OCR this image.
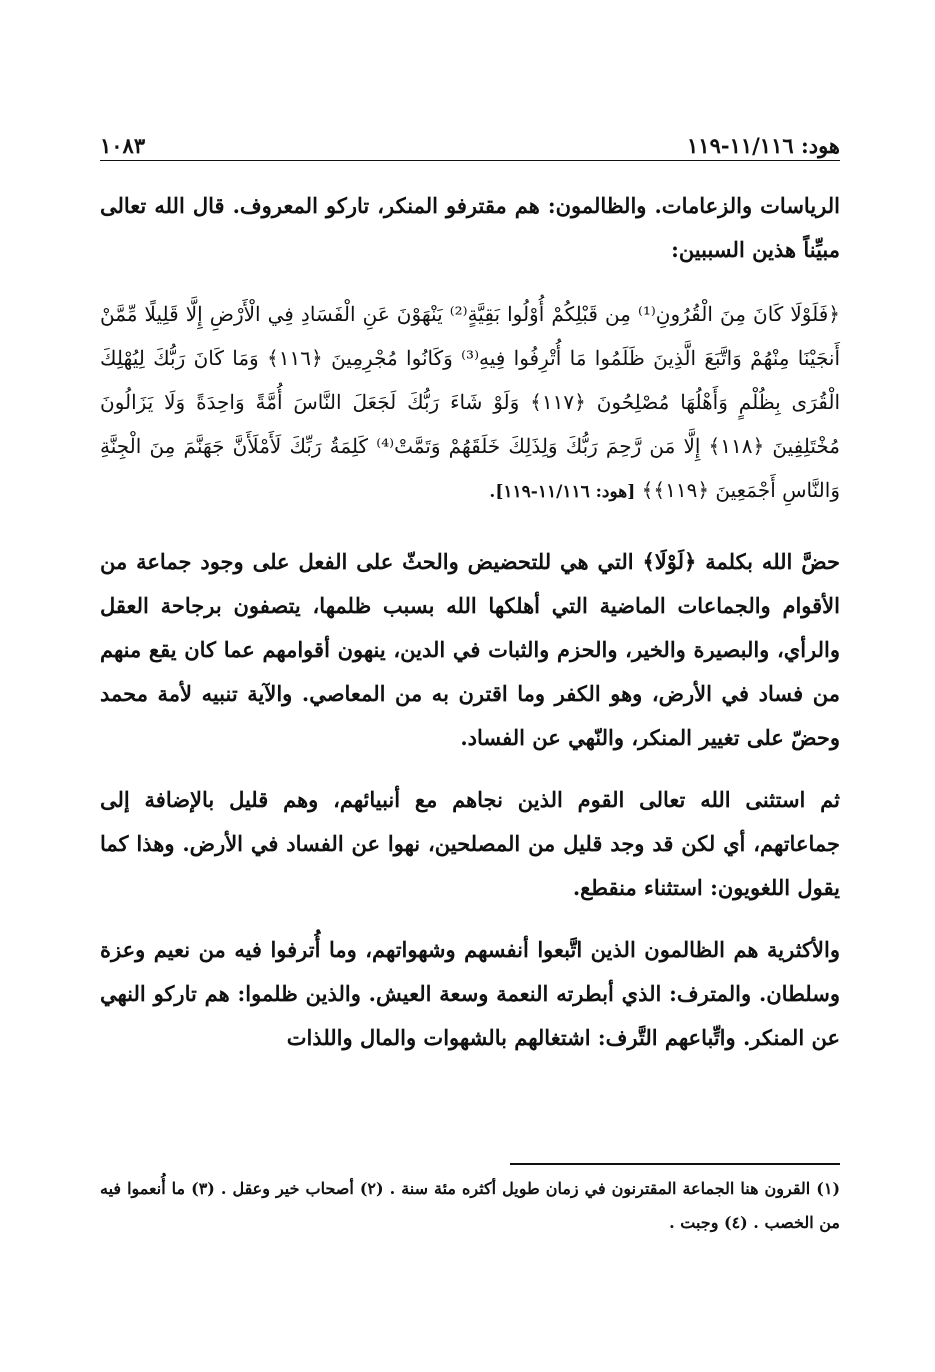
هود: ١١/١١٦-١١٩
١٠٨٣

الرياسات والزعامات. والظالمون: هم مقترفو المنكر، تاركو المعروف. قال الله تعالى مبيِّناً هذين السببين:

﴿فَلَوْلَا كَانَ مِنَ الْقُرُونِ⁽¹⁾ مِن قَبْلِكُمْ أُوْلُوا بَقِيَّةٍ⁽²⁾ يَنْهَوْنَ عَنِ الْفَسَادِ فِي الْأَرْضِ إِلَّا قَلِيلًا مِّمَّنْ أَنجَيْنَا مِنْهُمْ وَاتَّبَعَ الَّذِينَ ظَلَمُوا مَا أُتْرِفُوا فِيهِ⁽³⁾ وَكَانُوا مُجْرِمِينَ ﴿١١٦﴾ وَمَا كَانَ رَبُّكَ لِيُهْلِكَ الْقُرَى بِظُلْمٍ وَأَهْلُهَا مُصْلِحُونَ ﴿١١٧﴾ وَلَوْ شَاءَ رَبُّكَ لَجَعَلَ النَّاسَ أُمَّةً وَاحِدَةً وَلَا يَزَالُونَ مُخْتَلِفِينَ ﴿١١٨﴾ إِلَّا مَن رَّحِمَ رَبُّكَ وَلِذَلِكَ خَلَقَهُمْ وَتَمَّتْ⁽⁴⁾ كَلِمَةُ رَبِّكَ لَأَمْلَأَنَّ جَهَنَّمَ مِنَ الْجِنَّةِ وَالنَّاسِ أَجْمَعِينَ ﴿١١٩﴾﴾ [هود: ١١/١١٦-١١٩].

حضَّ الله بكلمة ﴿لَوْلَا﴾ التي هي للتحضيض والحثّ على الفعل على وجود جماعة من الأقوام والجماعات الماضية التي أهلكها الله بسبب ظلمها، يتصفون برجاحة العقل والرأي، والبصيرة والخير، والحزم والثبات في الدين، ينهون أقوامهم عما كان يقع منهم من فساد في الأرض، وهو الكفر وما اقترن به من المعاصي. والآية تنبيه لأمة محمد وحضّ على تغيير المنكر، والنّهي عن الفساد.

ثم استثنى الله تعالى القوم الذين نجاهم مع أنبيائهم، وهم قليل بالإضافة إلى جماعاتهم، أي لكن قد وجد قليل من المصلحين، نهوا عن الفساد في الأرض. وهذا كما يقول اللغويون: استثناء منقطع.

والأكثرية هم الظالمون الذين اتَّبعوا أنفسهم وشهواتهم، وما أُترفوا فيه من نعيم وعزة وسلطان. والمترف: الذي أبطرته النعمة وسعة العيش. والذين ظلموا: هم تاركو النهي عن المنكر. واتِّباعهم التَّرف: اشتغالهم بالشهوات والمال واللذات

(١) القرون هنا الجماعة المقترنون في زمان طويل أكثره مئة سنة . (٢) أصحاب خير وعقل . (٣) ما أُنعموا فيه من الخصب . (٤) وجبت .
